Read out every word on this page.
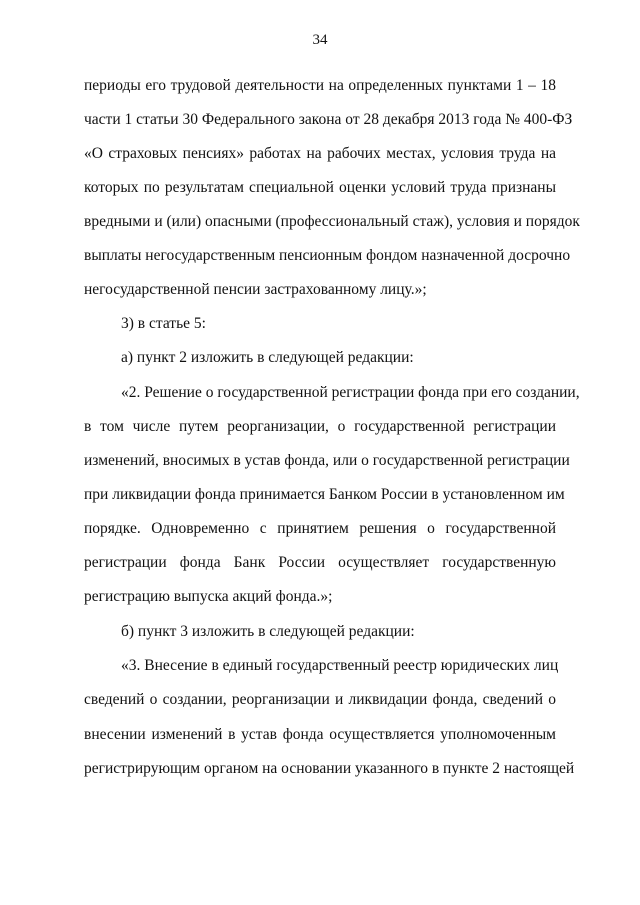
34
периоды его трудовой деятельности на определенных пунктами 1 – 18
части 1 статьи 30 Федерального закона от 28 декабря 2013 года № 400-ФЗ
«О страховых пенсиях» работах на рабочих местах, условия труда на
которых по результатам специальной оценки условий труда признаны
вредными и (или) опасными (профессиональный стаж), условия и порядок
выплаты негосударственным пенсионным фондом назначенной досрочно
негосударственной пенсии застрахованному лицу.»;
3) в статье 5:
а) пункт 2 изложить в следующей редакции:
«2. Решение о государственной регистрации фонда при его создании,
в том числе путем реорганизации, о государственной регистрации
изменений, вносимых в устав фонда, или о государственной регистрации
при ликвидации фонда принимается Банком России в установленном им
порядке. Одновременно с принятием решения о государственной
регистрации фонда Банк России осуществляет государственную
регистрацию выпуска акций фонда.»;
б) пункт 3 изложить в следующей редакции:
«3. Внесение в единый государственный реестр юридических лиц
сведений о создании, реорганизации и ликвидации фонда, сведений о
внесении изменений в устав фонда осуществляется уполномоченным
регистрирующим органом на основании указанного в пункте 2 настоящей
